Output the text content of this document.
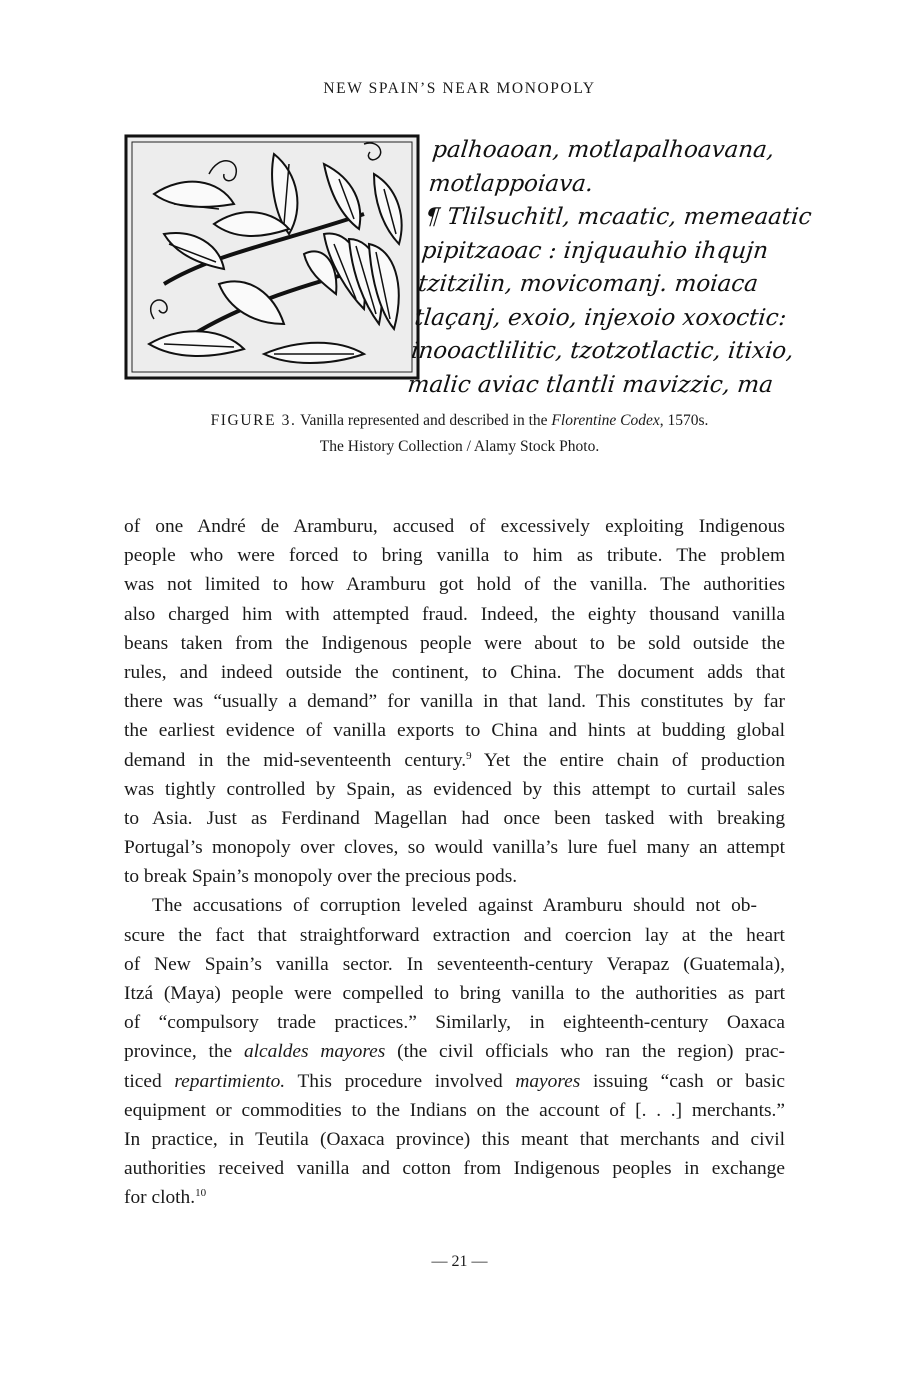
NEW SPAIN’S NEAR MONOPOLY
palhoaoan, motlapalhoavana,
motlappoiava.
¶ Tlilsuchitl, mcaatic, memeaatic
pipitzaoac : injquauhio ihqujn
tzitzilin, movicomanj. moiaca
tlaçanj, exoio, injexoio xoxoctic:
inooactlilitic, tzotzotlactic, itixio,
malic aviac tlantli mavizzic, ma
FIGURE 3. Vanilla represented and described in the Florentine Codex, 1570s.
The History Collection / Alamy Stock Photo.
of one André de Aramburu, accused of excessively exploiting Indigenous
people who were forced to bring vanilla to him as tribute. The problem
was not limited to how Aramburu got hold of the vanilla. The authorities
also charged him with attempted fraud. Indeed, the eighty thousand vanilla
beans taken from the Indigenous people were about to be sold outside the
rules, and indeed outside the continent, to China. The document adds that
there was “usually a demand” for vanilla in that land. This constitutes by far
the earliest evidence of vanilla exports to China and hints at budding global
demand in the mid-seventeenth century.$^9$ Yet the entire chain of production
was tightly controlled by Spain, as evidenced by this attempt to curtail sales
to Asia. Just as Ferdinand Magellan had once been tasked with breaking
Portugal’s monopoly over cloves, so would vanilla’s lure fuel many an attempt
to break Spain’s monopoly over the precious pods.
The accusations of corruption leveled against Aramburu should not ob-
scure the fact that straightforward extraction and coercion lay at the heart
of New Spain’s vanilla sector. In seventeenth-century Verapaz (Guatemala),
Itzá (Maya) people were compelled to bring vanilla to the authorities as part
of “compulsory trade practices.” Similarly, in eighteenth-century Oaxaca
province, the alcaldes mayores (the civil officials who ran the region) prac-
ticed repartimiento. This procedure involved mayores issuing “cash or basic
equipment or commodities to the Indians on the account of [. . .] merchants.”
In practice, in Teutila (Oaxaca province) this meant that merchants and civil
authorities received vanilla and cotton from Indigenous peoples in exchange
for cloth.$^{10}$
— 21 —
